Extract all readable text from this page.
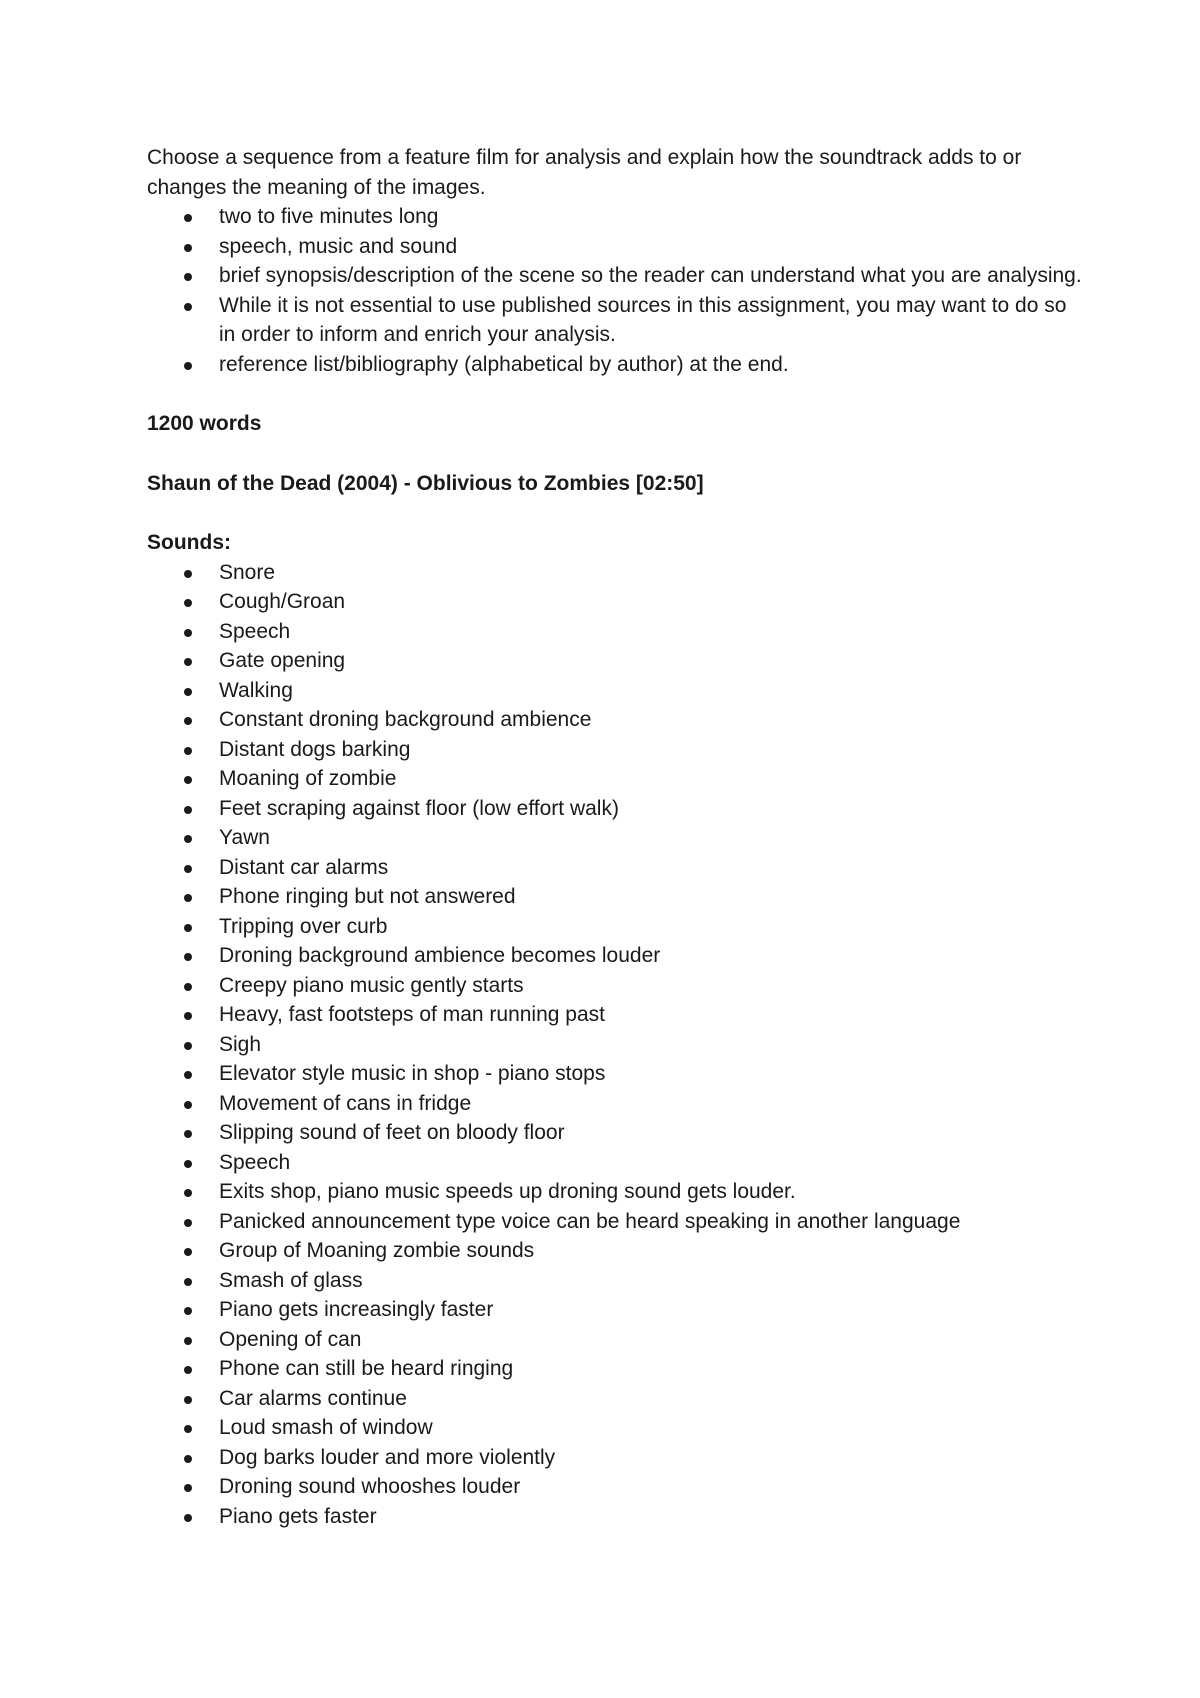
Choose a sequence from a feature film for analysis and explain how the soundtrack adds to or changes the meaning of the images.

two to five minutes long
speech, music and sound
brief synopsis/description of the scene so the reader can understand what you are analysing.
While it is not essential to use published sources in this assignment, you may want to do so in order to inform and enrich your analysis.
reference list/bibliography (alphabetical by author) at the end.

1200 words

Shaun of the Dead (2004) - Oblivious to Zombies [02:50]

Sounds:

Snore
Cough/Groan
Speech
Gate opening
Walking
Constant droning background ambience
Distant dogs barking
Moaning of zombie
Feet scraping against floor (low effort walk)
Yawn
Distant car alarms
Phone ringing but not answered
Tripping over curb
Droning background ambience becomes louder
Creepy piano music gently starts
Heavy, fast footsteps of man running past
Sigh
Elevator style music in shop - piano stops
Movement of cans in fridge
Slipping sound of feet on bloody floor
Speech
Exits shop, piano music speeds up droning sound gets louder.
Panicked announcement type voice can be heard speaking in another language
Group of Moaning zombie sounds
Smash of glass
Piano gets increasingly faster
Opening of can
Phone can still be heard ringing
Car alarms continue
Loud smash of window
Dog barks louder and more violently
Droning sound whooshes louder
Piano gets faster
